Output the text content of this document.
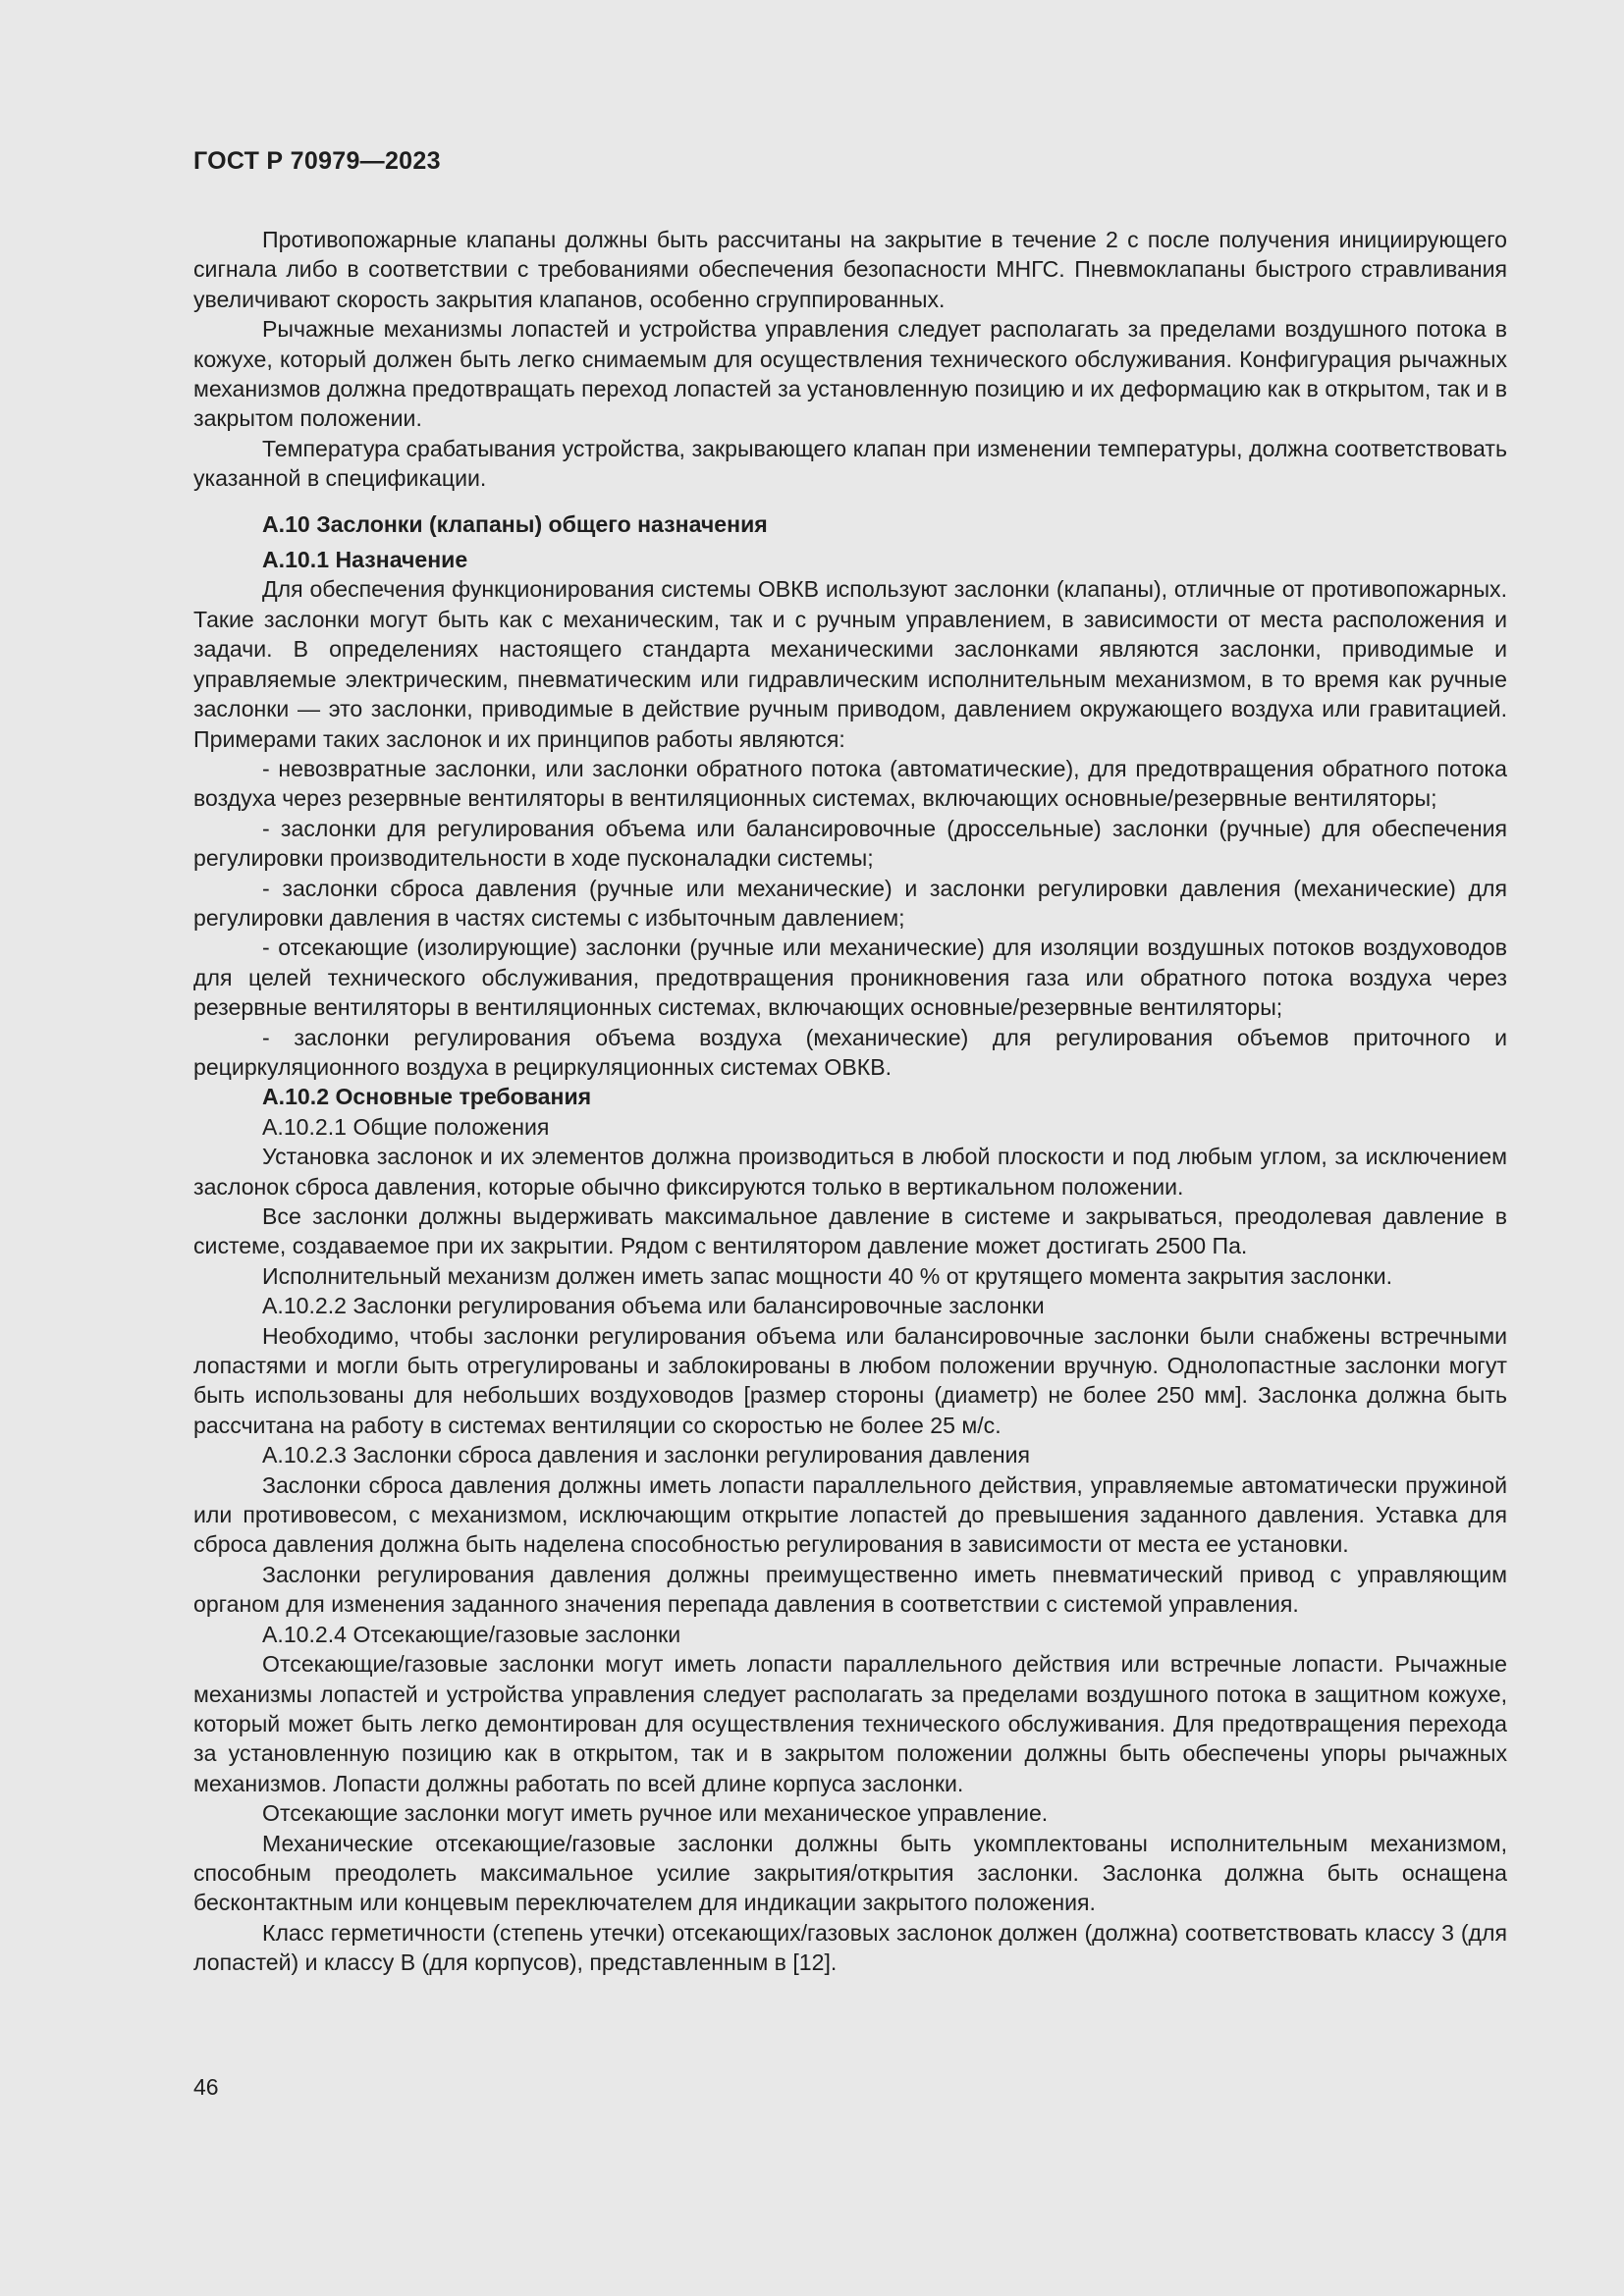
ГОСТ Р 70979—2023

Противопожарные клапаны должны быть рассчитаны на закрытие в течение 2 с после получения инициирующего сигнала либо в соответствии с требованиями обеспечения безопасности МНГС. Пневмоклапаны быстрого стравливания увеличивают скорость закрытия клапанов, особенно сгруппированных.

Рычажные механизмы лопастей и устройства управления следует располагать за пределами воздушного потока в кожухе, который должен быть легко снимаемым для осуществления технического обслуживания. Конфигурация рычажных механизмов должна предотвращать переход лопастей за установленную позицию и их деформацию как в открытом, так и в закрытом положении.

Температура срабатывания устройства, закрывающего клапан при изменении температуры, должна соответствовать указанной в спецификации.

А.10 Заслонки (клапаны) общего назначения

А.10.1 Назначение

Для обеспечения функционирования системы ОВКВ используют заслонки (клапаны), отличные от противопожарных. Такие заслонки могут быть как с механическим, так и с ручным управлением, в зависимости от места расположения и задачи. В определениях настоящего стандарта механическими заслонками являются заслонки, приводимые и управляемые электрическим, пневматическим или гидравлическим исполнительным механизмом, в то время как ручные заслонки — это заслонки, приводимые в действие ручным приводом, давлением окружающего воздуха или гравитацией. Примерами таких заслонок и их принципов работы являются:

- невозвратные заслонки, или заслонки обратного потока (автоматические), для предотвращения обратного потока воздуха через резервные вентиляторы в вентиляционных системах, включающих основные/резервные вентиляторы;

- заслонки для регулирования объема или балансировочные (дроссельные) заслонки (ручные) для обеспечения регулировки производительности в ходе пусконаладки системы;

- заслонки сброса давления (ручные или механические) и заслонки регулировки давления (механические) для регулировки давления в частях системы с избыточным давлением;

- отсекающие (изолирующие) заслонки (ручные или механические) для изоляции воздушных потоков воздуховодов для целей технического обслуживания, предотвращения проникновения газа или обратного потока воздуха через резервные вентиляторы в вентиляционных системах, включающих основные/резервные вентиляторы;

- заслонки регулирования объема воздуха (механические) для регулирования объемов приточного и рециркуляционного воздуха в рециркуляционных системах ОВКВ.

А.10.2 Основные требования

А.10.2.1 Общие положения

Установка заслонок и их элементов должна производиться в любой плоскости и под любым углом, за исключением заслонок сброса давления, которые обычно фиксируются только в вертикальном положении.

Все заслонки должны выдерживать максимальное давление в системе и закрываться, преодолевая давление в системе, создаваемое при их закрытии. Рядом с вентилятором давление может достигать 2500 Па.

Исполнительный механизм должен иметь запас мощности 40 % от крутящего момента закрытия заслонки.

А.10.2.2 Заслонки регулирования объема или балансировочные заслонки

Необходимо, чтобы заслонки регулирования объема или балансировочные заслонки были снабжены встречными лопастями и могли быть отрегулированы и заблокированы в любом положении вручную. Однолопастные заслонки могут быть использованы для небольших воздуховодов [размер стороны (диаметр) не более 250 мм]. Заслонка должна быть рассчитана на работу в системах вентиляции со скоростью не более 25 м/с.

А.10.2.3 Заслонки сброса давления и заслонки регулирования давления

Заслонки сброса давления должны иметь лопасти параллельного действия, управляемые автоматически пружиной или противовесом, с механизмом, исключающим открытие лопастей до превышения заданного давления. Уставка для сброса давления должна быть наделена способностью регулирования в зависимости от места ее установки.

Заслонки регулирования давления должны преимущественно иметь пневматический привод с управляющим органом для изменения заданного значения перепада давления в соответствии с системой управления.

А.10.2.4 Отсекающие/газовые заслонки

Отсекающие/газовые заслонки могут иметь лопасти параллельного действия или встречные лопасти. Рычажные механизмы лопастей и устройства управления следует располагать за пределами воздушного потока в защитном кожухе, который может быть легко демонтирован для осуществления технического обслуживания. Для предотвращения перехода за установленную позицию как в открытом, так и в закрытом положении должны быть обеспечены упоры рычажных механизмов. Лопасти должны работать по всей длине корпуса заслонки.

Отсекающие заслонки могут иметь ручное или механическое управление.

Механические отсекающие/газовые заслонки должны быть укомплектованы исполнительным механизмом, способным преодолеть максимальное усилие закрытия/открытия заслонки. Заслонка должна быть оснащена бесконтактным или концевым переключателем для индикации закрытого положения.

Класс герметичности (степень утечки) отсекающих/газовых заслонок должен (должна) соответствовать классу 3 (для лопастей) и классу В (для корпусов), представленным в [12].

46
